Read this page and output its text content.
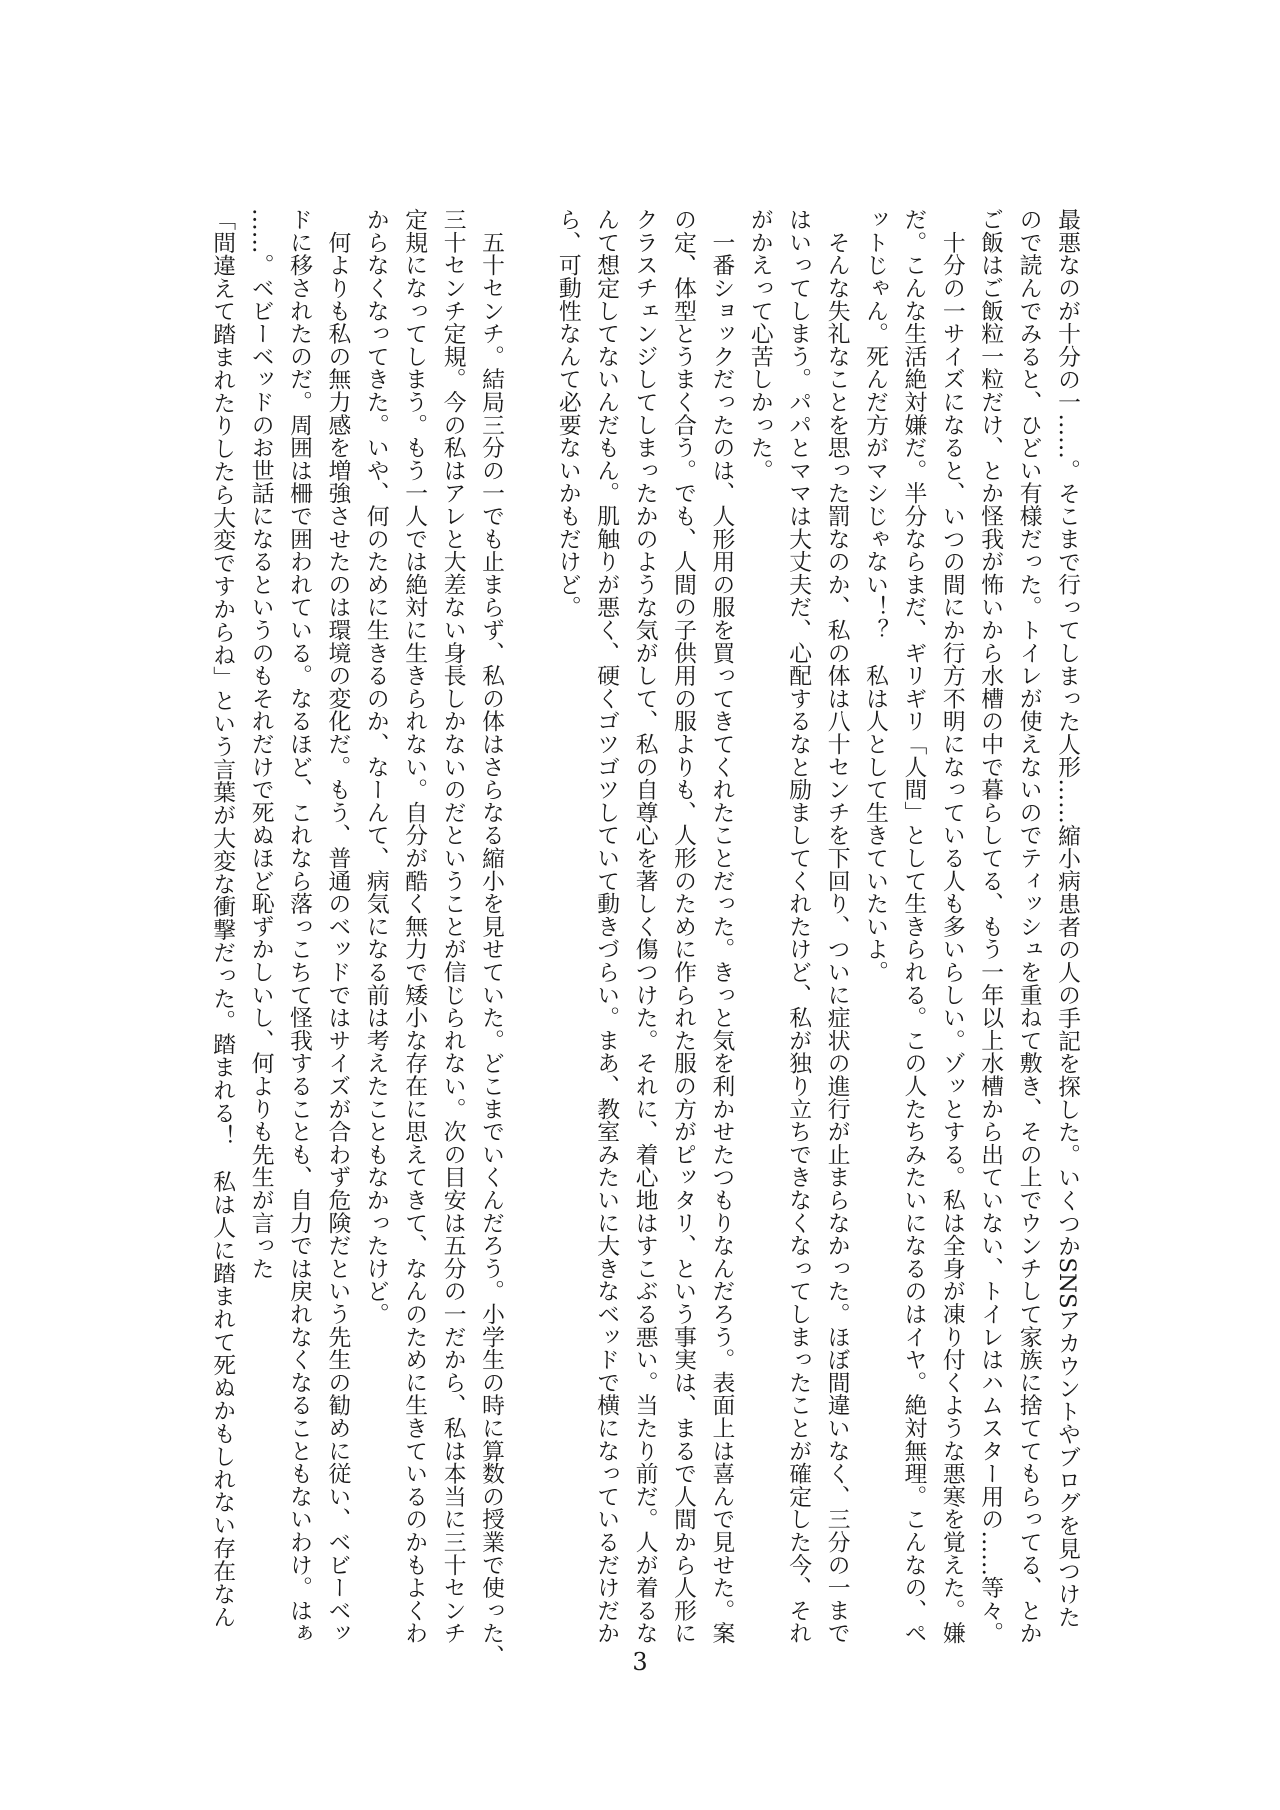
最悪なのが十分の一……。そこまで行ってしまった人形……縮小病患者の人の手記を探した。いくつかSNSアカウントやブログを見つけた
ので読んでみると、ひどい有様だった。トイレが使えないのでティッシュを重ねて敷き、その上でウンチして家族に捨ててもらってる、とか
ご飯はご飯粒一粒だけ、とか怪我が怖いから水槽の中で暮らしてる、もう一年以上水槽から出ていない、トイレはハムスター用の……等々。
　十分の一サイズになると、いつの間にか行方不明になっている人も多いらしい。ゾッとする。私は全身が凍り付くような悪寒を覚えた。嫌
だ。こんな生活絶対嫌だ。半分ならまだ、ギリギリ「人間」として生きられる。この人たちみたいになるのはイヤ。絶対無理。こんなの、ペ
ットじゃん。死んだ方がマシじゃない！？　私は人として生きていたいよ。
　そんな失礼なことを思った罰なのか、私の体は八十センチを下回り、ついに症状の進行が止まらなかった。ほぼ間違いなく、三分の一まで
はいってしまう。パパとママは大丈夫だ、心配するなと励ましてくれたけど、私が独り立ちできなくなってしまったことが確定した今、それ
がかえって心苦しかった。
　一番ショックだったのは、人形用の服を買ってきてくれたことだった。きっと気を利かせたつもりなんだろう。表面上は喜んで見せた。案
の定、体型とうまく合う。でも、人間の子供用の服よりも、人形のために作られた服の方がピッタリ、という事実は、まるで人間から人形に
クラスチェンジしてしまったかのような気がして、私の自尊心を著しく傷つけた。それに、着心地はすこぶる悪い。当たり前だ。人が着るな
んて想定してないんだもん。肌触りが悪く、硬くゴツゴツしていて動きづらい。まあ、教室みたいに大きなベッドで横になっているだけだか
ら、可動性なんて必要ないかもだけど。
　五十センチ。結局三分の一でも止まらず、私の体はさらなる縮小を見せていた。どこまでいくんだろう。小学生の時に算数の授業で使った、
三十センチ定規。今の私はアレと大差ない身長しかないのだということが信じられない。次の目安は五分の一だから、私は本当に三十センチ
定規になってしまう。もう一人では絶対に生きられない。自分が酷く無力で矮小な存在に思えてきて、なんのために生きているのかもよくわ
からなくなってきた。いや、何のために生きるのか、なーんて、病気になる前は考えたこともなかったけど。
　何よりも私の無力感を増強させたのは環境の変化だ。もう、普通のベッドではサイズが合わず危険だという先生の勧めに従い、ベビーベッ
ドに移されたのだ。周囲は柵で囲われている。なるほど、これなら落っこちて怪我することも、自力では戻れなくなることもないわけ。はぁ
……。ベビーベッドのお世話になるというのもそれだけで死ぬほど恥ずかしいし、何よりも先生が言った
「間違えて踏まれたりしたら大変ですからね」という言葉が大変な衝撃だった。踏まれる！　私は人に踏まれて死ぬかもしれない存在なん
3
